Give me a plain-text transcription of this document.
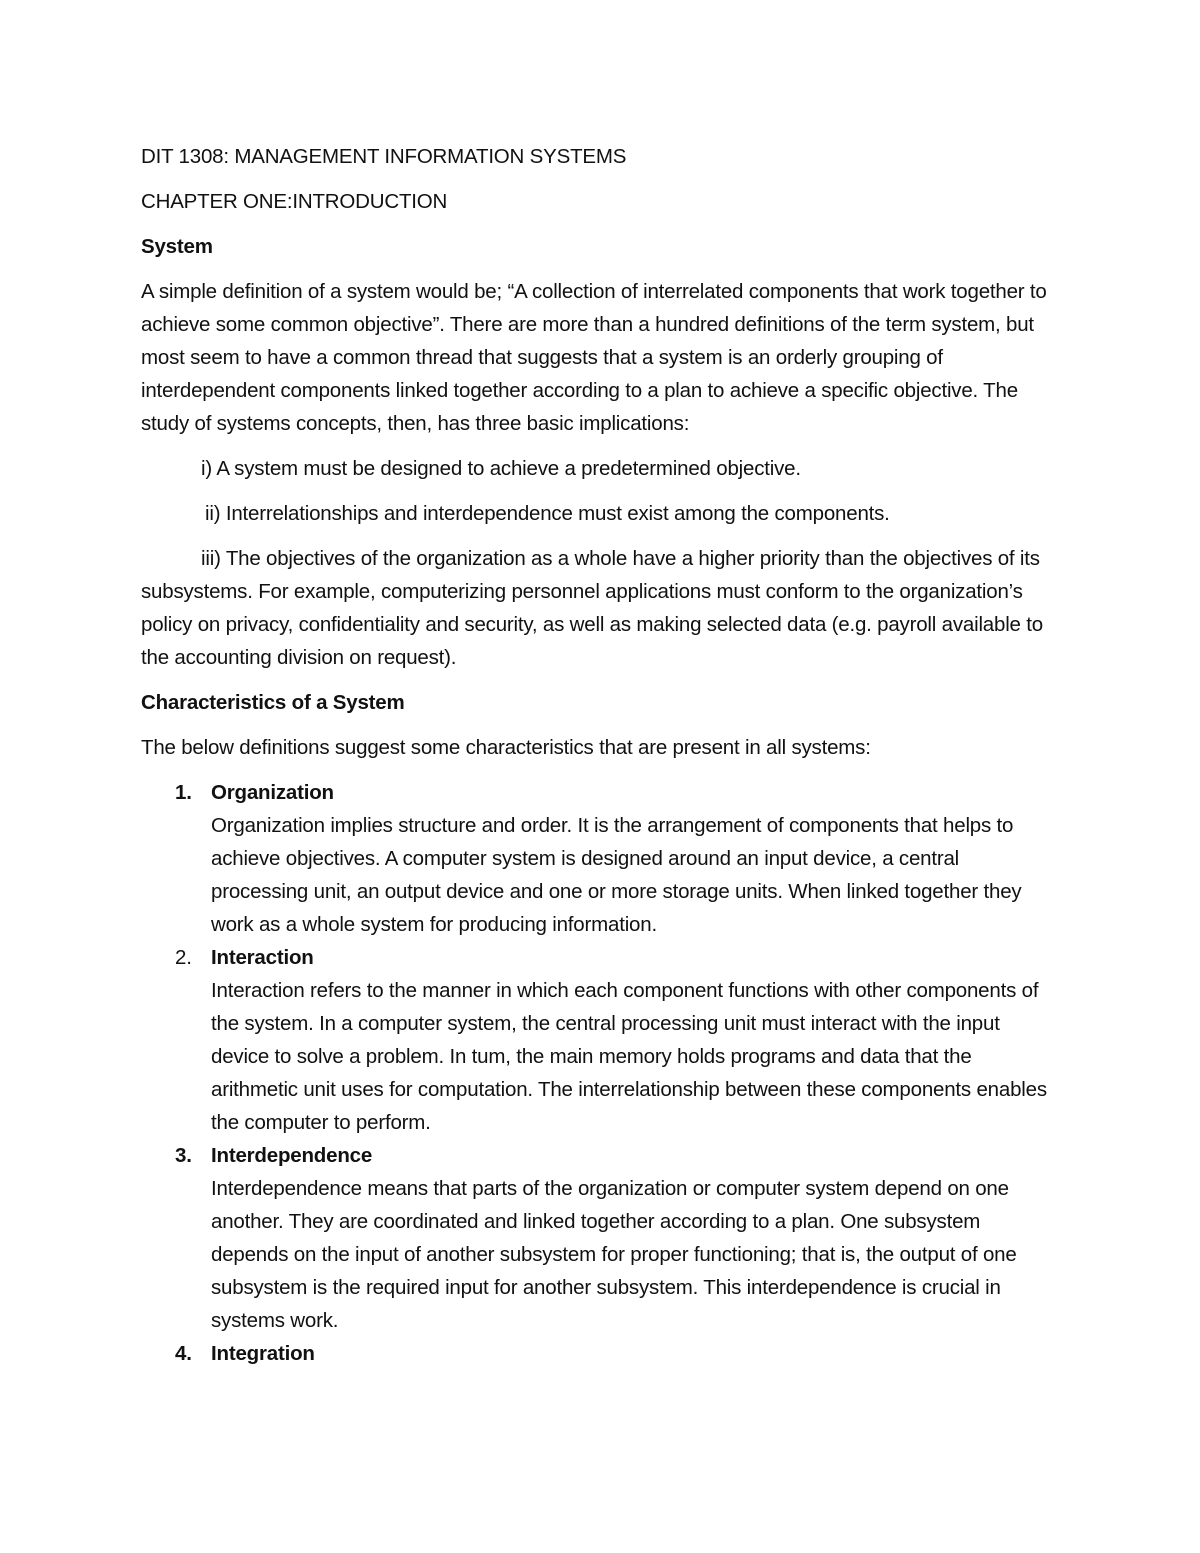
DIT 1308: MANAGEMENT INFORMATION SYSTEMS

CHAPTER ONE:INTRODUCTION

System

A simple definition of a system would be; “A collection of interrelated components that work together to achieve some common objective”. There are more than a hundred definitions of the term system, but most seem to have a common thread that suggests that a system is an orderly grouping of interdependent components linked together according to a plan to achieve a specific objective. The study of systems concepts, then, has three basic implications:

i) A system must be designed to achieve a predetermined objective.

ii) Interrelationships and interdependence must exist among the components.

iii) The objectives of the organization as a whole have a higher priority than the objectives of its subsystems. For example, computerizing personnel applications must conform to the organization’s policy on privacy, confidentiality and security, as well as making selected data (e.g. payroll available to the accounting division on request).

Characteristics of a System

The below definitions suggest some characteristics that are present in all systems:

1. Organization
Organization implies structure and order. It is the arrangement of components that helps to achieve objectives. A computer system is designed around an input device, a central processing unit, an output device and one or more storage units. When linked together they work as a whole system for producing information.
2. Interaction
Interaction refers to the manner in which each component functions with other components of the system. In a computer system, the central processing unit must interact with the input device to solve a problem. In tum, the main memory holds programs and data that the arithmetic unit uses for computation. The interrelationship between these components enables the computer to perform.
3. Interdependence
Interdependence means that parts of the organization or computer system depend on one another. They are coordinated and linked together according to a plan. One subsystem depends on the input of another subsystem for proper functioning; that is, the output of one subsystem is the required input for another subsystem. This interdependence is crucial in systems work.
4. Integration
